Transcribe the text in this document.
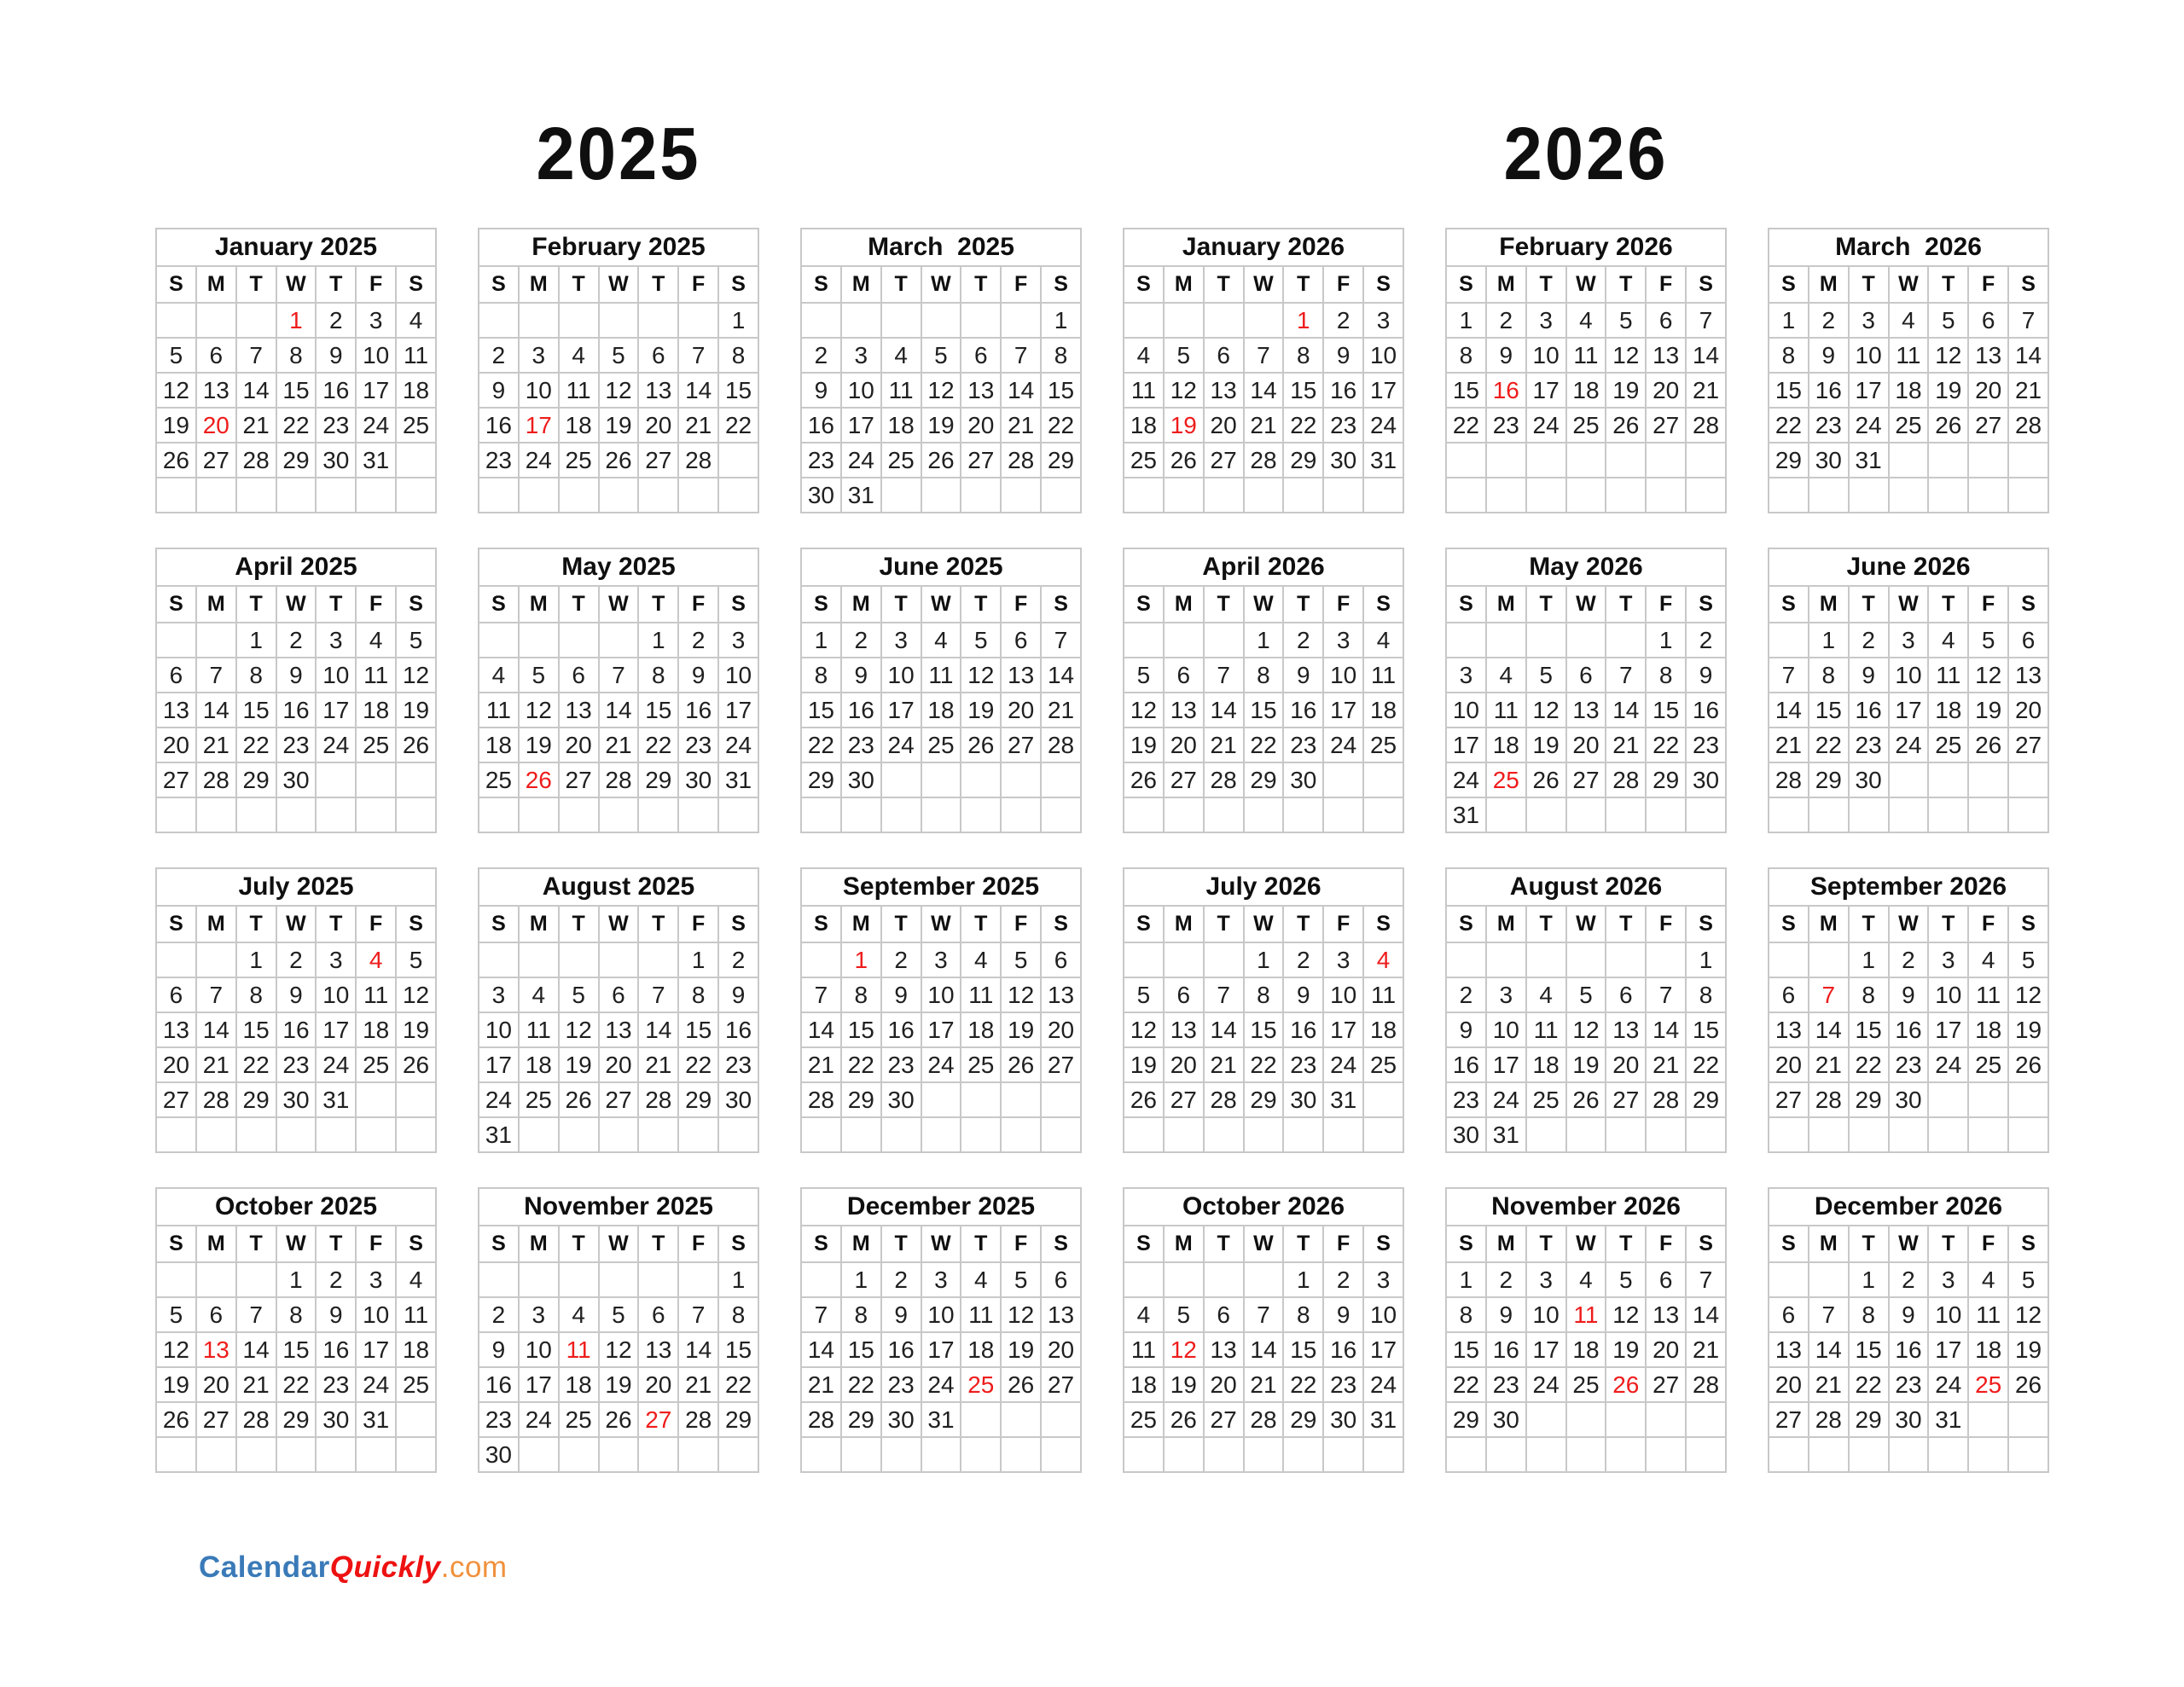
2025	2026
January 2025
S	M	T	W	T	F	S
			1	2	3	4
5	6	7	8	9	10	11
12	13	14	15	16	17	18
19	20	21	22	23	24	25
26	27	28	29	30	31	

February 2025
S	M	T	W	T	F	S
						1
2	3	4	5	6	7	8
9	10	11	12	13	14	15
16	17	18	19	20	21	22
23	24	25	26	27	28	

March  2025
S	M	T	W	T	F	S
						1
2	3	4	5	6	7	8
9	10	11	12	13	14	15
16	17	18	19	20	21	22
23	24	25	26	27	28	29
30	31					
April 2025
S	M	T	W	T	F	S
		1	2	3	4	5
6	7	8	9	10	11	12
13	14	15	16	17	18	19
20	21	22	23	24	25	26
27	28	29	30			

May 2025
S	M	T	W	T	F	S
				1	2	3
4	5	6	7	8	9	10
11	12	13	14	15	16	17
18	19	20	21	22	23	24
25	26	27	28	29	30	31

June 2025
S	M	T	W	T	F	S
1	2	3	4	5	6	7
8	9	10	11	12	13	14
15	16	17	18	19	20	21
22	23	24	25	26	27	28
29	30					

July 2025
S	M	T	W	T	F	S
		1	2	3	4	5
6	7	8	9	10	11	12
13	14	15	16	17	18	19
20	21	22	23	24	25	26
27	28	29	30	31		

August 2025
S	M	T	W	T	F	S
					1	2
3	4	5	6	7	8	9
10	11	12	13	14	15	16
17	18	19	20	21	22	23
24	25	26	27	28	29	30
31						
September 2025
S	M	T	W	T	F	S
	1	2	3	4	5	6
7	8	9	10	11	12	13
14	15	16	17	18	19	20
21	22	23	24	25	26	27
28	29	30				

October 2025
S	M	T	W	T	F	S
			1	2	3	4
5	6	7	8	9	10	11
12	13	14	15	16	17	18
19	20	21	22	23	24	25
26	27	28	29	30	31	

November 2025
S	M	T	W	T	F	S
						1
2	3	4	5	6	7	8
9	10	11	12	13	14	15
16	17	18	19	20	21	22
23	24	25	26	27	28	29
30						
December 2025
S	M	T	W	T	F	S
	1	2	3	4	5	6
7	8	9	10	11	12	13
14	15	16	17	18	19	20
21	22	23	24	25	26	27
28	29	30	31			

January 2026
S	M	T	W	T	F	S
				1	2	3
4	5	6	7	8	9	10
11	12	13	14	15	16	17
18	19	20	21	22	23	24
25	26	27	28	29	30	31

February 2026
S	M	T	W	T	F	S
1	2	3	4	5	6	7
8	9	10	11	12	13	14
15	16	17	18	19	20	21
22	23	24	25	26	27	28

March  2026
S	M	T	W	T	F	S
1	2	3	4	5	6	7
8	9	10	11	12	13	14
15	16	17	18	19	20	21
22	23	24	25	26	27	28
29	30	31				

April 2026
S	M	T	W	T	F	S
			1	2	3	4
5	6	7	8	9	10	11
12	13	14	15	16	17	18
19	20	21	22	23	24	25
26	27	28	29	30		

May 2026
S	M	T	W	T	F	S
					1	2
3	4	5	6	7	8	9
10	11	12	13	14	15	16
17	18	19	20	21	22	23
24	25	26	27	28	29	30
31						
June 2026
S	M	T	W	T	F	S
	1	2	3	4	5	6
7	8	9	10	11	12	13
14	15	16	17	18	19	20
21	22	23	24	25	26	27
28	29	30				

July 2026
S	M	T	W	T	F	S
			1	2	3	4
5	6	7	8	9	10	11
12	13	14	15	16	17	18
19	20	21	22	23	24	25
26	27	28	29	30	31	

August 2026
S	M	T	W	T	F	S
						1
2	3	4	5	6	7	8
9	10	11	12	13	14	15
16	17	18	19	20	21	22
23	24	25	26	27	28	29
30	31					
September 2026
S	M	T	W	T	F	S
		1	2	3	4	5
6	7	8	9	10	11	12
13	14	15	16	17	18	19
20	21	22	23	24	25	26
27	28	29	30			

October 2026
S	M	T	W	T	F	S
				1	2	3
4	5	6	7	8	9	10
11	12	13	14	15	16	17
18	19	20	21	22	23	24
25	26	27	28	29	30	31

November 2026
S	M	T	W	T	F	S
1	2	3	4	5	6	7
8	9	10	11	12	13	14
15	16	17	18	19	20	21
22	23	24	25	26	27	28
29	30					

December 2026
S	M	T	W	T	F	S
		1	2	3	4	5
6	7	8	9	10	11	12
13	14	15	16	17	18	19
20	21	22	23	24	25	26
27	28	29	30	31		

CalendarQuickly.com
